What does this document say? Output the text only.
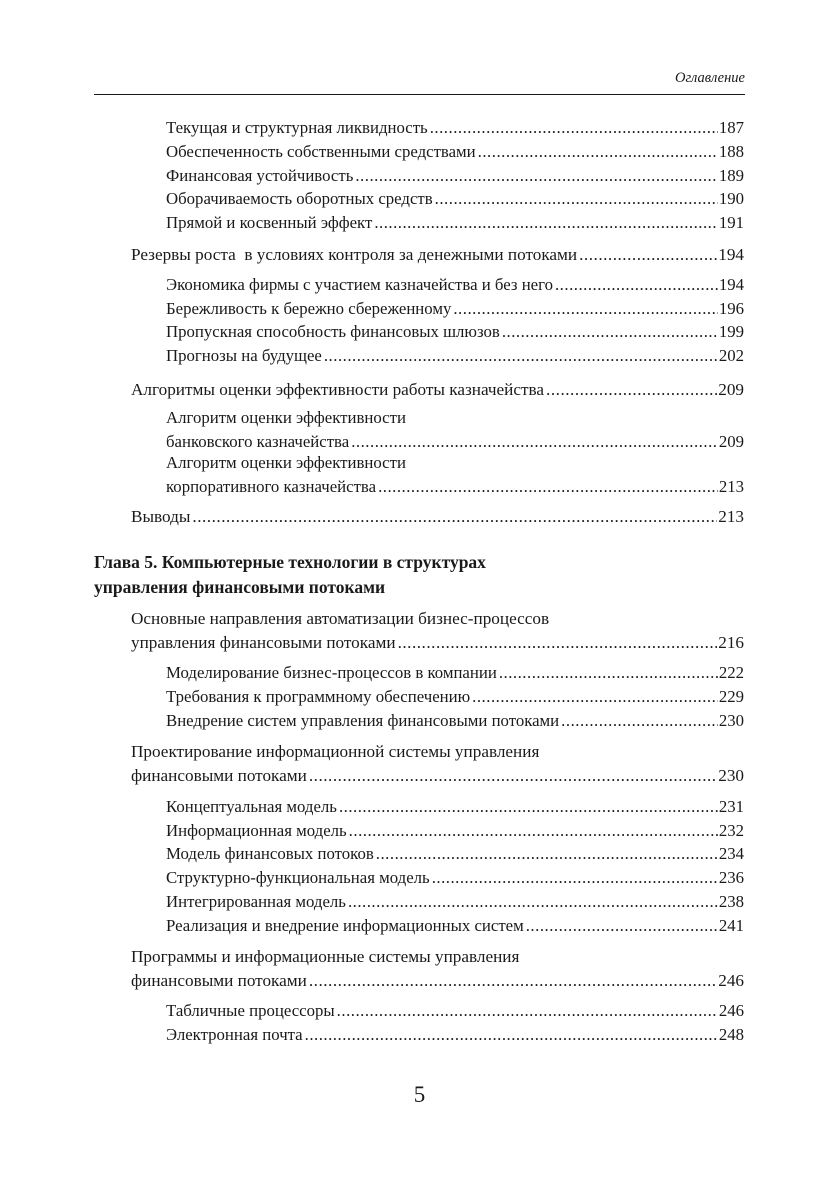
Оглавление
Текущая и структурная ликвидность .....	187
Обеспеченность собственными средствами .....	188
Финансовая устойчивость .....	189
Оборачиваемость оборотных средств .....	190
Прямой и косвенный эффект .....	191
Резервы роста  в условиях контроля за денежными потоками .....	194
Экономика фирмы с участием казначейства и без него .....	194
Бережливость к бережно сбереженному .....	196
Пропускная способность финансовых шлюзов .....	199
Прогнозы на будущее .....	202
Алгоритмы оценки эффективности работы казначейства .....	209
Алгоритм оценки эффективности
банковского казначейства .....	209
Алгоритм оценки эффективности
корпоративного казначейства .....	213
Выводы .....	213
Основные направления автоматизации бизнес-процессов
управления финансовыми потоками .....	216
Моделирование бизнес-процессов в компании .....	222
Требования к программному обеспечению .....	229
Внедрение систем управления финансовыми потоками .....	230
Проектирование информационной системы управления
финансовыми потоками .....	230
Концептуальная модель .....	231
Информационная модель .....	232
Модель финансовых потоков .....	234
Структурно-функциональная модель .....	236
Интегрированная модель .....	238
Реализация и внедрение информационных систем .....	241
Программы и информационные системы управления
финансовыми потоками .....	246
Табличные процессоры .....	246
Электронная почта .....	248
Глава 5. Компьютерные технологии в структурах
управления финансовыми потоками
5
